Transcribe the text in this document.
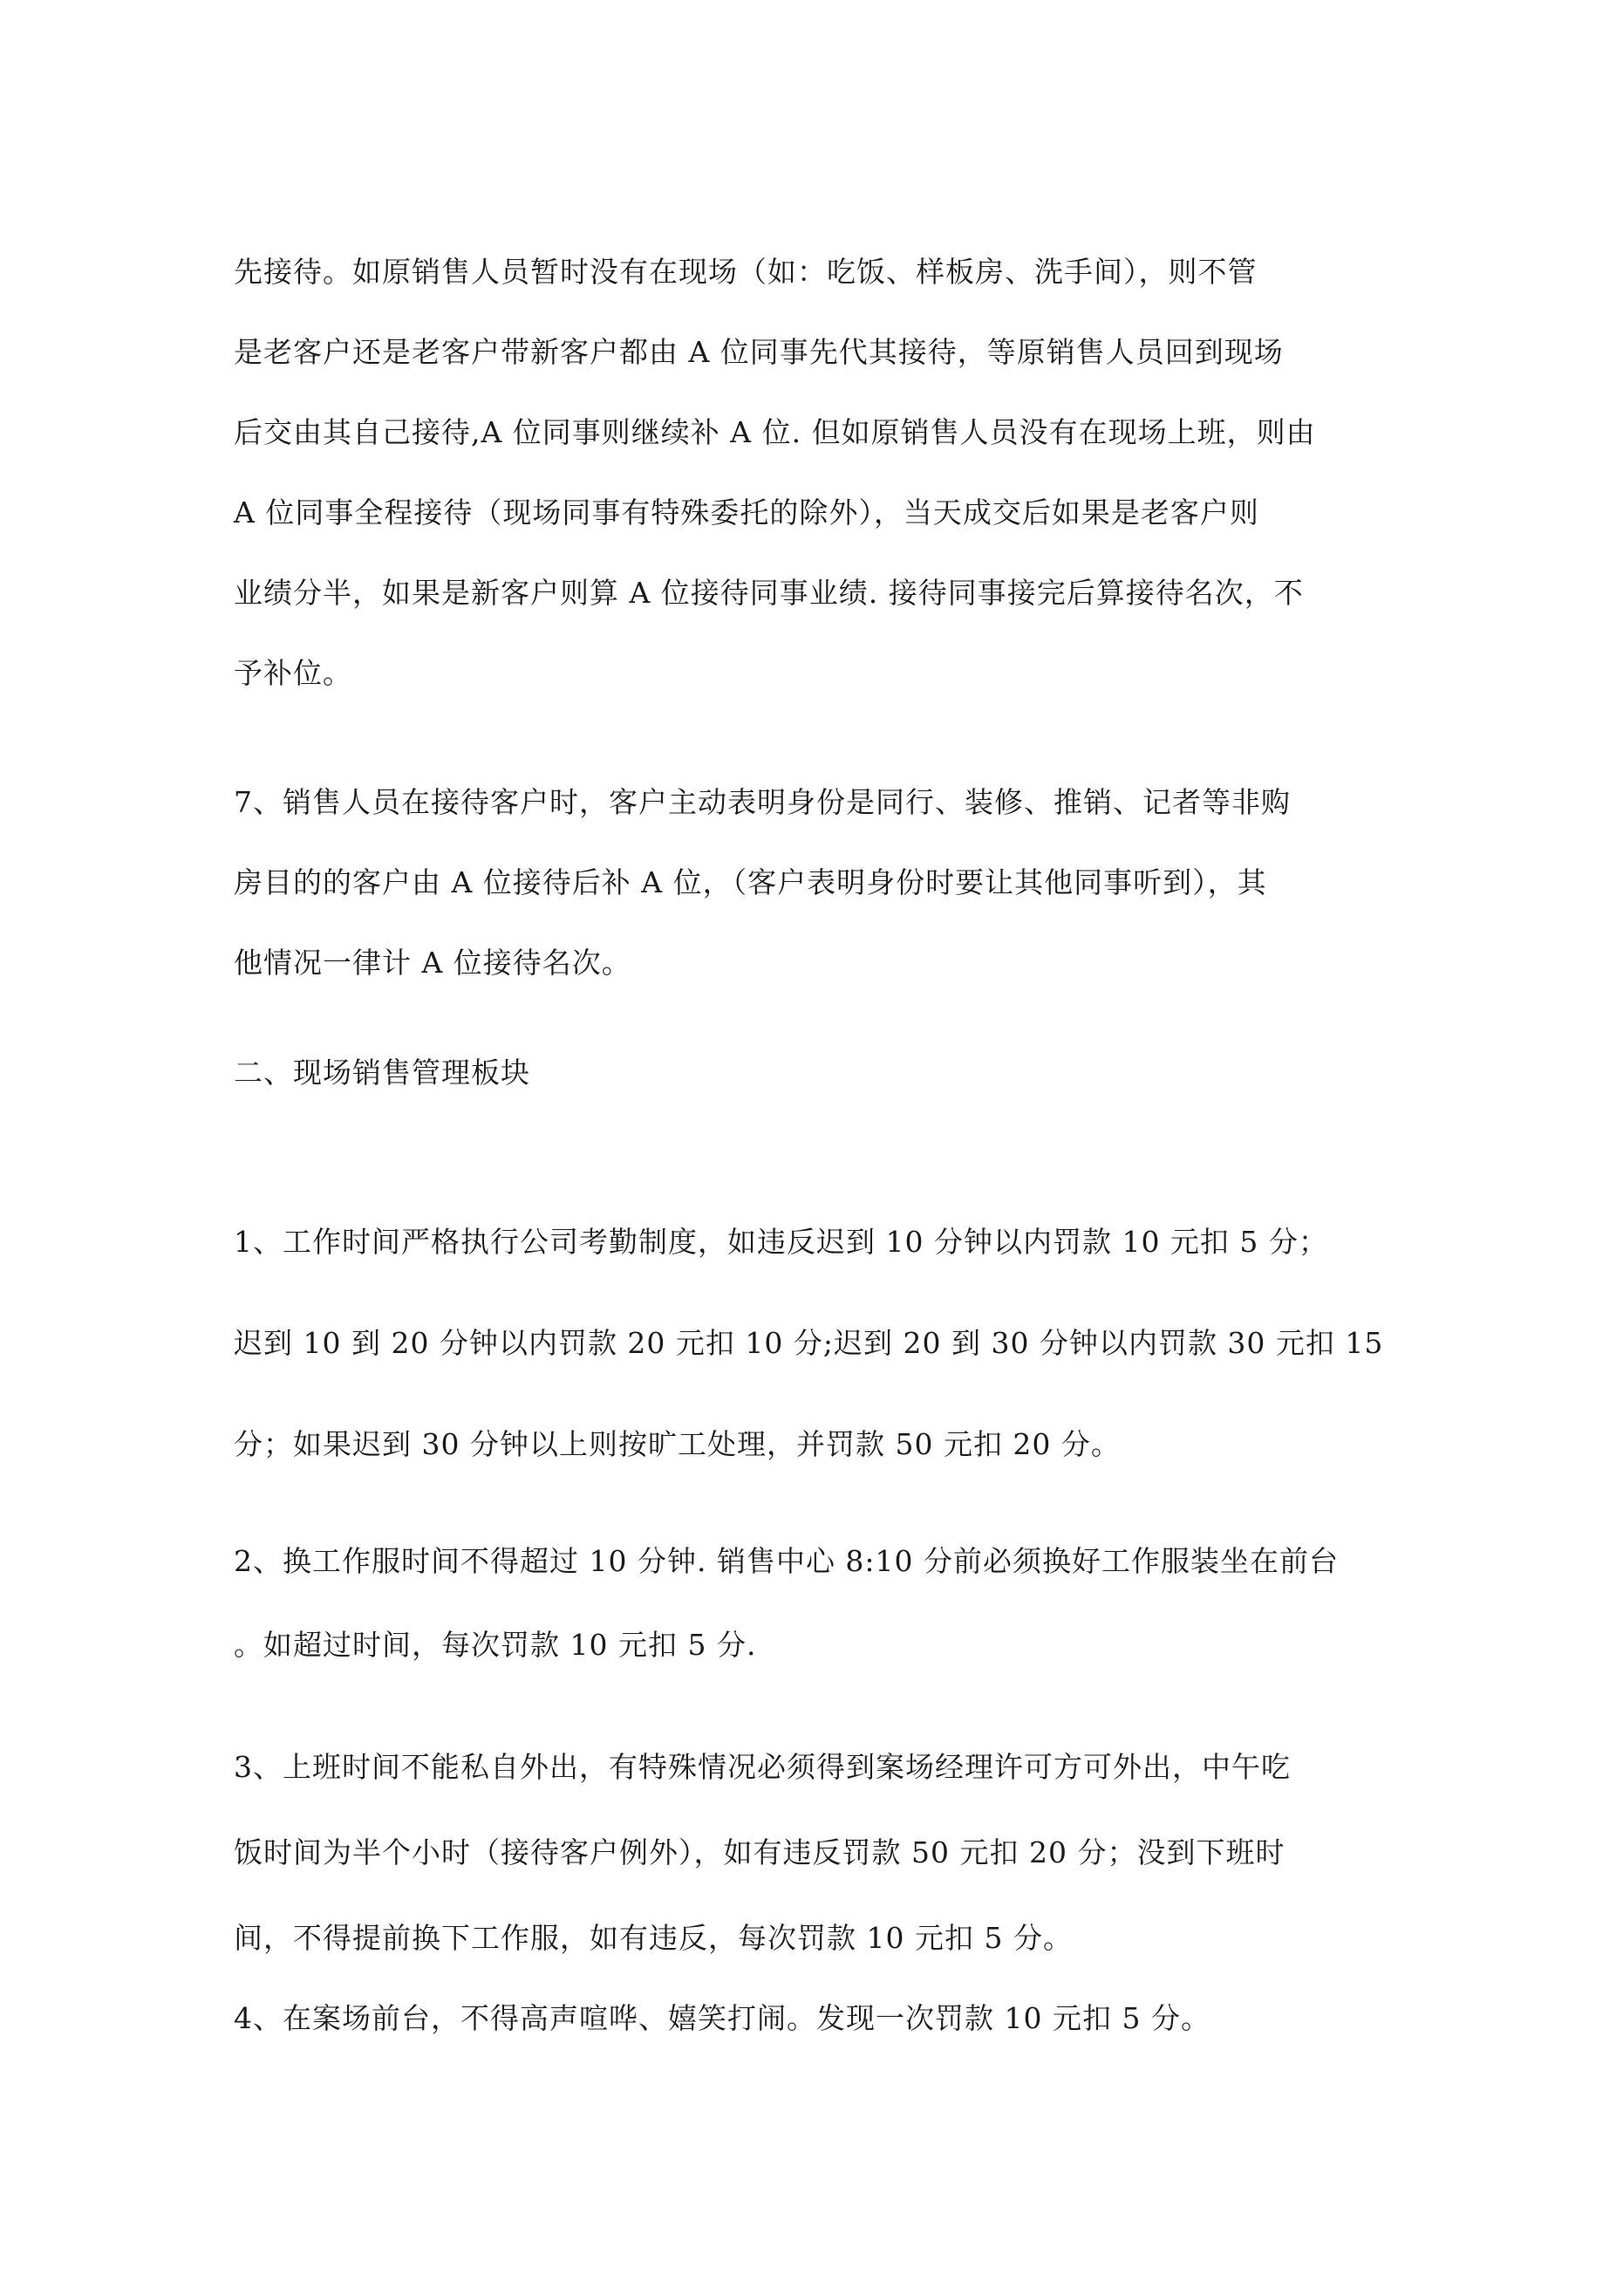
先接待。如原销售人员暂时没有在现场（如：吃饭、样板房、洗手间），则不管
是老客户还是老客户带新客户都由 A 位同事先代其接待，等原销售人员回到现场
后交由其自己接待,A 位同事则继续补 A 位. 但如原销售人员没有在现场上班，则由
A 位同事全程接待（现场同事有特殊委托的除外），当天成交后如果是老客户则
业绩分半，如果是新客户则算 A 位接待同事业绩. 接待同事接完后算接待名次，不
予补位。
7、销售人员在接待客户时，客户主动表明身份是同行、装修、推销、记者等非购
房目的的客户由 A 位接待后补 A 位，（客户表明身份时要让其他同事听到），其
他情况一律计 A 位接待名次。
二、现场销售管理板块
1、工作时间严格执行公司考勤制度，如违反迟到 10 分钟以内罚款 10 元扣 5 分；
迟到 10 到 20 分钟以内罚款 20 元扣 10 分;迟到 20 到 30 分钟以内罚款 30 元扣 15
分；如果迟到 30 分钟以上则按旷工处理，并罚款 50 元扣 20 分。
2、换工作服时间不得超过 10 分钟. 销售中心 8:10 分前必须换好工作服装坐在前台
。如超过时间，每次罚款 10 元扣 5 分.
3、上班时间不能私自外出，有特殊情况必须得到案场经理许可方可外出，中午吃
饭时间为半个小时（接待客户例外），如有违反罚款 50 元扣 20 分；没到下班时
间，不得提前换下工作服，如有违反，每次罚款 10 元扣 5 分。
4、在案场前台，不得高声喧哗、嬉笑打闹。发现一次罚款 10 元扣 5 分。
